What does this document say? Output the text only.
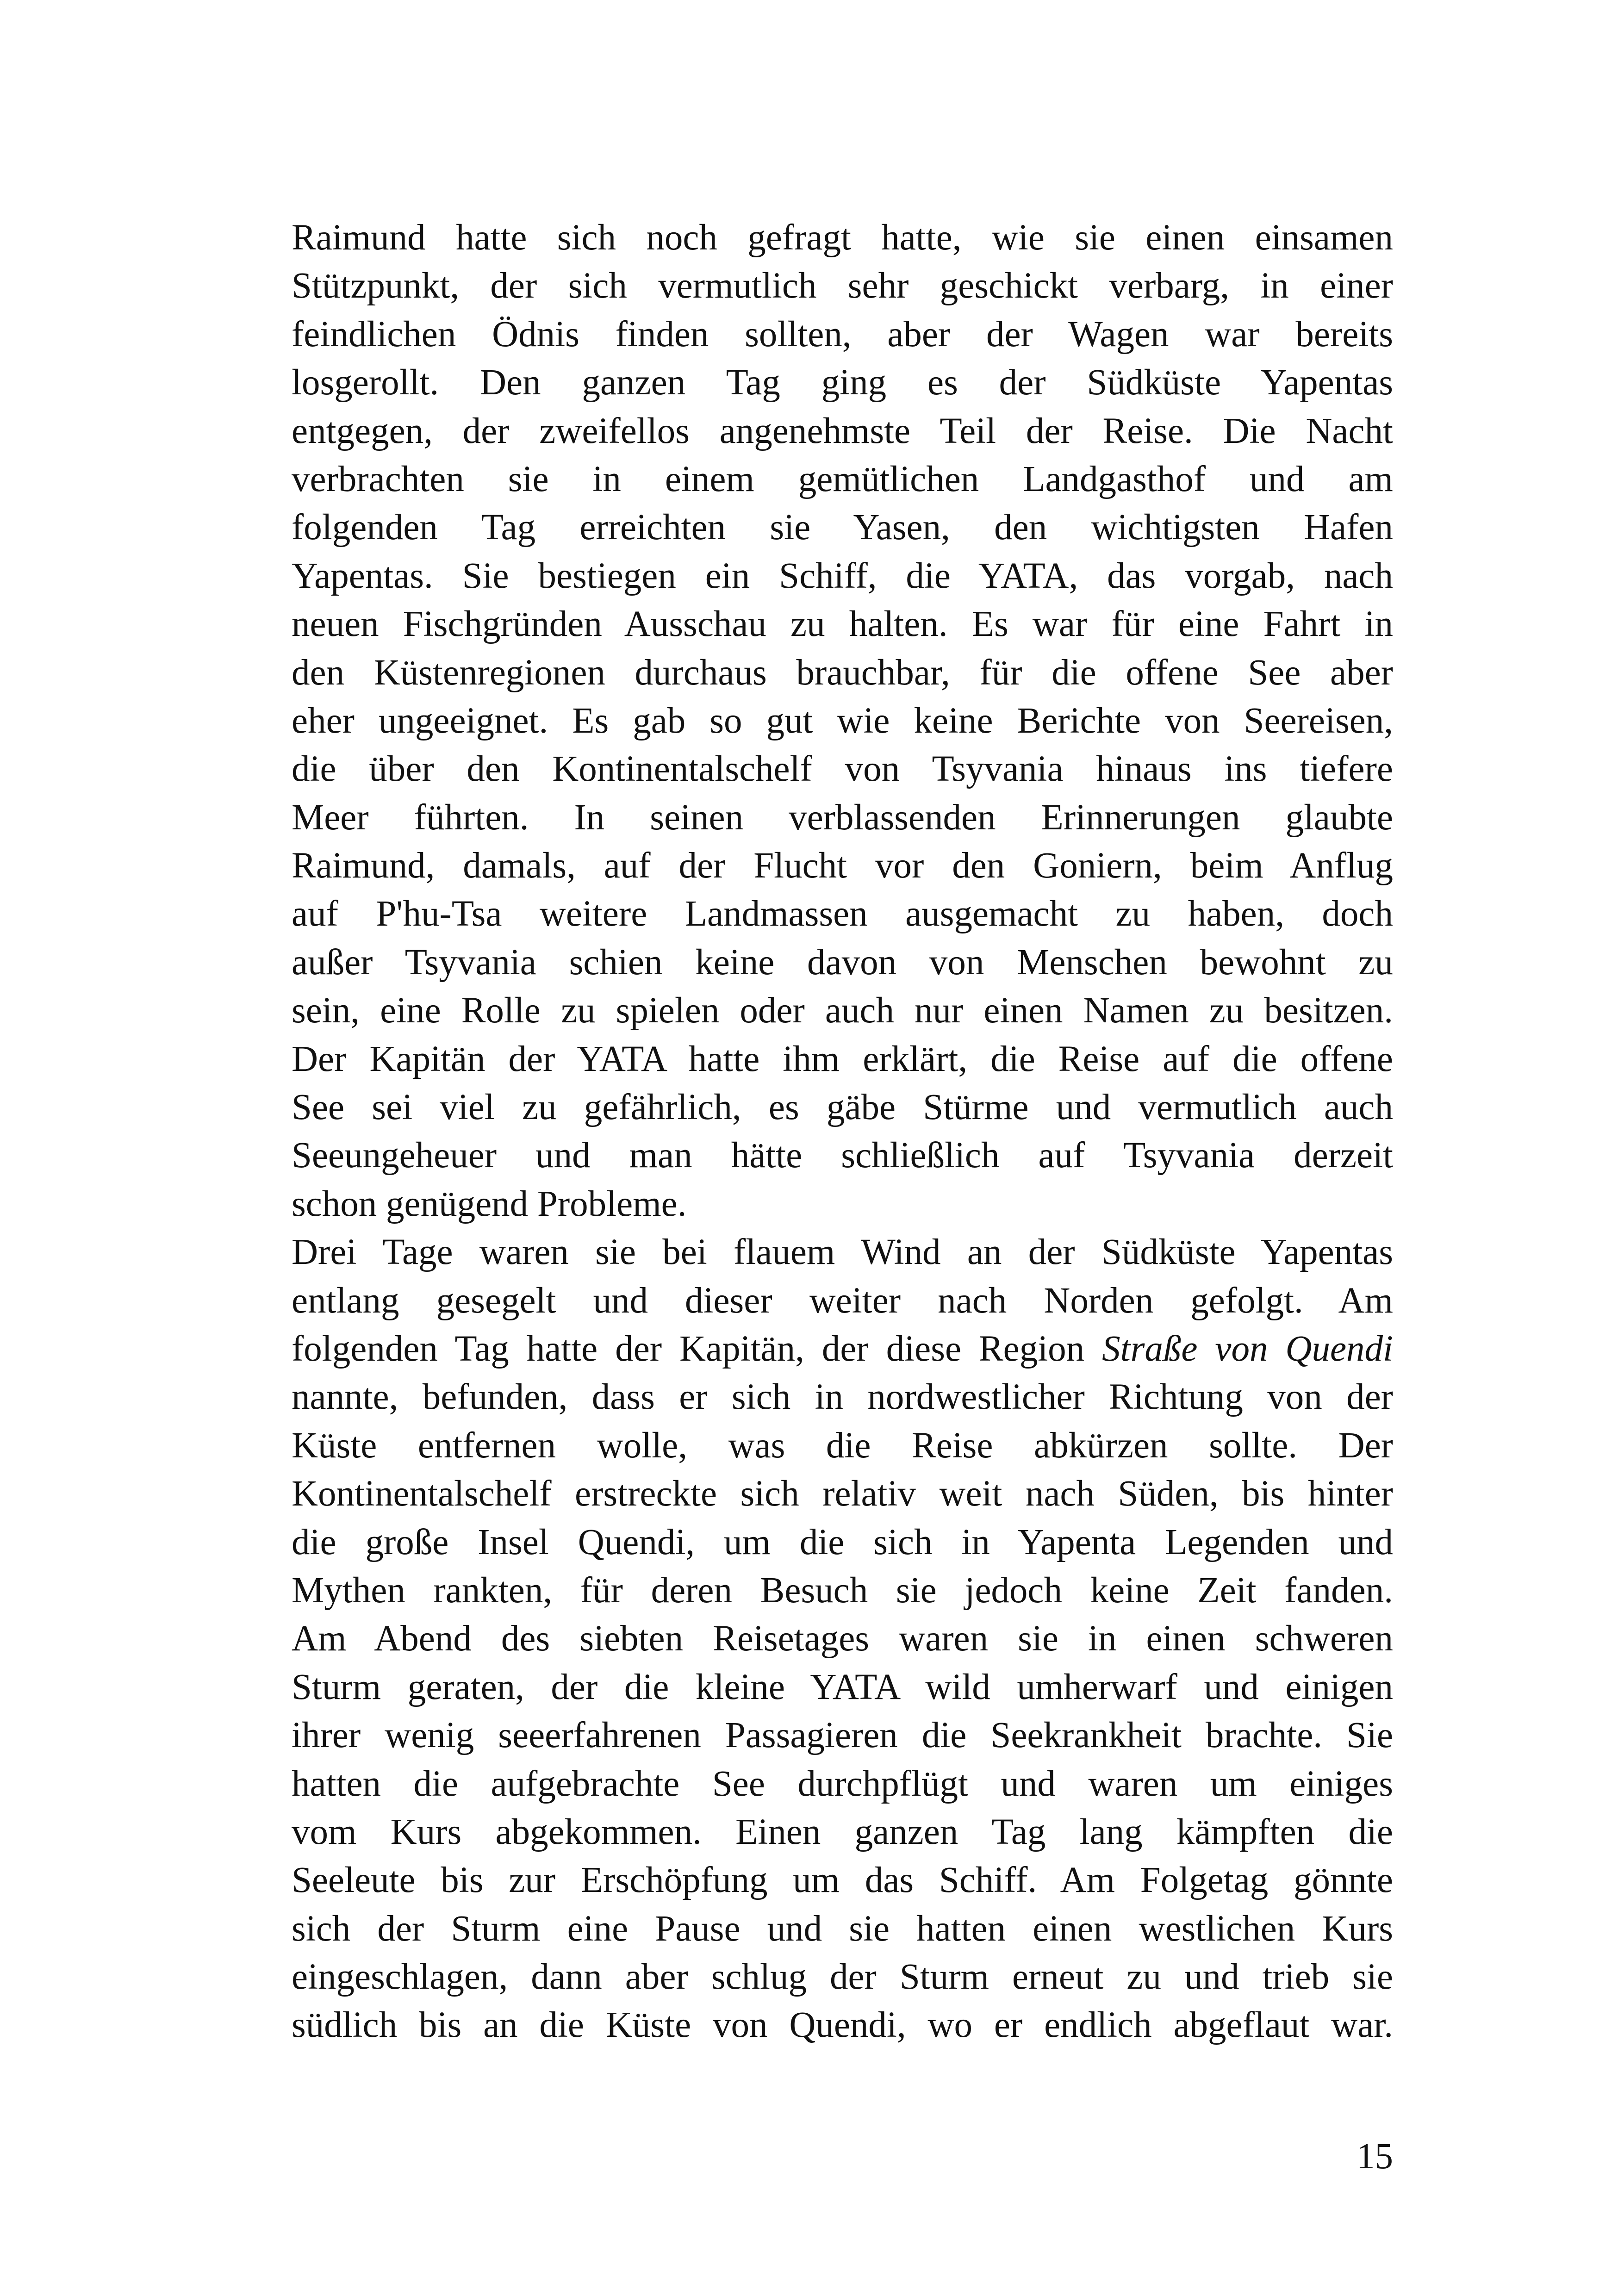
Raimund hatte sich noch gefragt hatte, wie sie einen einsamen
Stützpunkt, der sich vermutlich sehr geschickt verbarg, in einer
feindlichen Ödnis finden sollten, aber der Wagen war bereits
losgerollt. Den ganzen Tag ging es der Südküste Yapentas
entgegen, der zweifellos angenehmste Teil der Reise. Die Nacht
verbrachten sie in einem gemütlichen Landgasthof und am
folgenden Tag erreichten sie Yasen, den wichtigsten Hafen
Yapentas. Sie bestiegen ein Schiff, die YATA, das vorgab, nach
neuen Fischgründen Ausschau zu halten. Es war für eine Fahrt in
den Küstenregionen durchaus brauchbar, für die offene See aber
eher ungeeignet. Es gab so gut wie keine Berichte von Seereisen,
die über den Kontinentalschelf von Tsyvania hinaus ins tiefere
Meer führten. In seinen verblassenden Erinnerungen glaubte
Raimund, damals, auf der Flucht vor den Goniern, beim Anflug
auf P'hu-Tsa weitere Landmassen ausgemacht zu haben, doch
außer Tsyvania schien keine davon von Menschen bewohnt zu
sein, eine Rolle zu spielen oder auch nur einen Namen zu besitzen.
Der Kapitän der YATA hatte ihm erklärt, die Reise auf die offene
See sei viel zu gefährlich, es gäbe Stürme und vermutlich auch
Seeungeheuer und man hätte schließlich auf Tsyvania derzeit
schon genügend Probleme.
Drei Tage waren sie bei flauem Wind an der Südküste Yapentas
entlang gesegelt und dieser weiter nach Norden gefolgt. Am
folgenden Tag hatte der Kapitän, der diese Region Straße von Quendi
nannte, befunden, dass er sich in nordwestlicher Richtung von der
Küste entfernen wolle, was die Reise abkürzen sollte. Der
Kontinentalschelf erstreckte sich relativ weit nach Süden, bis hinter
die große Insel Quendi, um die sich in Yapenta Legenden und
Mythen rankten, für deren Besuch sie jedoch keine Zeit fanden.
Am Abend des siebten Reisetages waren sie in einen schweren
Sturm geraten, der die kleine YATA wild umherwarf und einigen
ihrer wenig seeerfahrenen Passagieren die Seekrankheit brachte. Sie
hatten die aufgebrachte See durchpflügt und waren um einiges
vom Kurs abgekommen. Einen ganzen Tag lang kämpften die
Seeleute bis zur Erschöpfung um das Schiff. Am Folgetag gönnte
sich der Sturm eine Pause und sie hatten einen westlichen Kurs
eingeschlagen, dann aber schlug der Sturm erneut zu und trieb sie
südlich bis an die Küste von Quendi, wo er endlich abgeflaut war.
15
